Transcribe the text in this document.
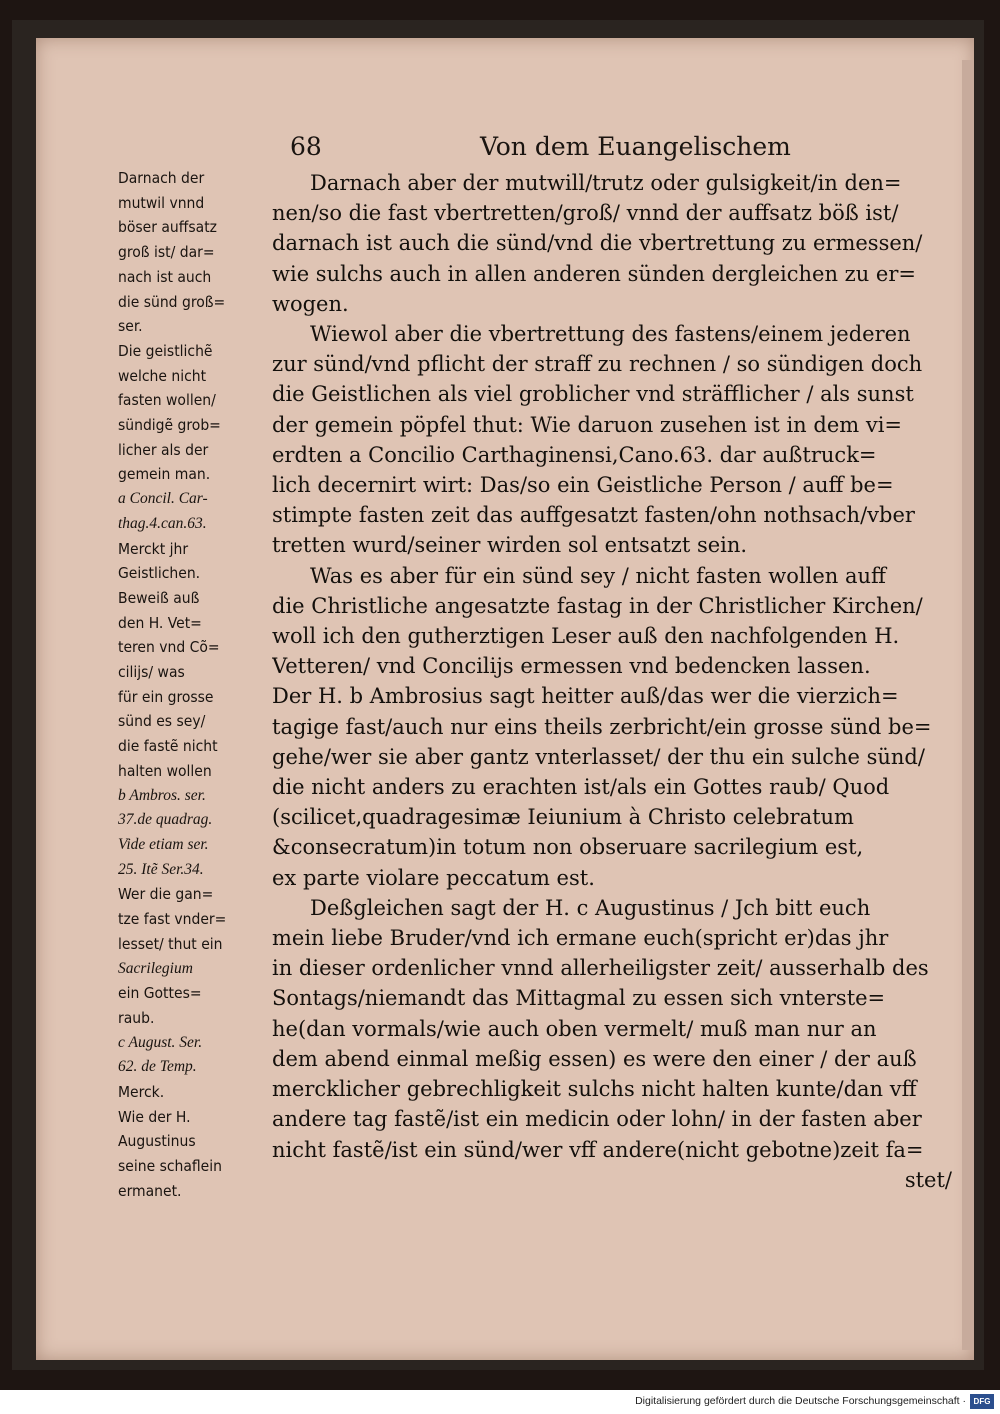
68	Von dem Euangelischem
Darnach der
mutwil vnnd
böser auffsatz
groß ist/ dar=
nach ist auch
die sünd groß=
ser.
Die geistlichẽ
welche nicht
fasten wollen/
sündigẽ grob=
licher als der
gemein man.
a Concil. Car-
thag.4.can.63.
Merckt jhr
Geistlichen.
Beweiß auß
den H. Vet=
teren vnd Cõ=
cilijs/ was
für ein grosse
sünd es sey/
die fastẽ nicht
halten wollen
b Ambros. ser.
37.de quadrag.
Vide etiam ser.
25. Itẽ Ser.34.
Wer die gan=
tze fast vnder=
lesset/ thut ein
Sacrilegium
ein Gottes=
raub.
c August. Ser.
62. de Temp.
Merck.
Wie der H.
Augustinus
seine schaflein
ermanet.
Darnach aber der mutwill/trutz oder gulsigkeit/in den=
nen/so die fast vbertretten/groß/ vnnd der auffsatz böß ist/
darnach ist auch die sünd/vnd die vbertrettung zu ermessen/
wie sulchs auch in allen anderen sünden dergleichen zu er=
wogen.
Wiewol aber die vbertrettung des fastens/einem jederen
zur sünd/vnd pflicht der straff zu rechnen / so sündigen doch
die Geistlichen als viel groblicher vnd sträfflicher / als sunst
der gemein pöpfel thut: Wie daruon zusehen ist in dem vi=
erdten a Concilio Carthaginensi,Cano.63. dar außtruck=
lich decernirt wirt: Das/so ein Geistliche Person / auff be=
stimpte fasten zeit das auffgesatzt fasten/ohn nothsach/vber
tretten wurd/seiner wirden sol entsatzt sein.
Was es aber für ein sünd sey / nicht fasten wollen auff
die Christliche angesatzte fastag in der Christlicher Kirchen/
woll ich den gutherztigen Leser auß den nachfolgenden H.
Vetteren/ vnd Concilijs ermessen vnd bedencken lassen.
Der H. b Ambrosius sagt heitter auß/das wer die vierzich=
tagige fast/auch nur eins theils zerbricht/ein grosse sünd be=
gehe/wer sie aber gantz vnterlasset/ der thu ein sulche sünd/
die nicht anders zu erachten ist/als ein Gottes raub/ Quod
(scilicet,quadragesimæ Ieiunium à Christo celebratum
&consecratum)in totum non obseruare sacrilegium est,
ex parte violare peccatum est.
Deßgleichen sagt der H. c Augustinus / Jch bitt euch
mein liebe Bruder/vnd ich ermane euch(spricht er)das jhr
in dieser ordenlicher vnnd allerheiligster zeit/ ausserhalb des
Sontags/niemandt das Mittagmal zu essen sich vnterste=
he(dan vormals/wie auch oben vermelt/ muß man nur an
dem abend einmal meßig essen) es were den einer / der auß
mercklicher gebrechligkeit sulchs nicht halten kunte/dan vff
andere tag fastẽ/ist ein medicin oder lohn/ in der fasten aber
nicht fastẽ/ist ein sünd/wer vff andere(nicht gebotne)zeit fa=
stet/
Digitalisierung gefördert durch die Deutsche Forschungsgemeinschaft · DFG
